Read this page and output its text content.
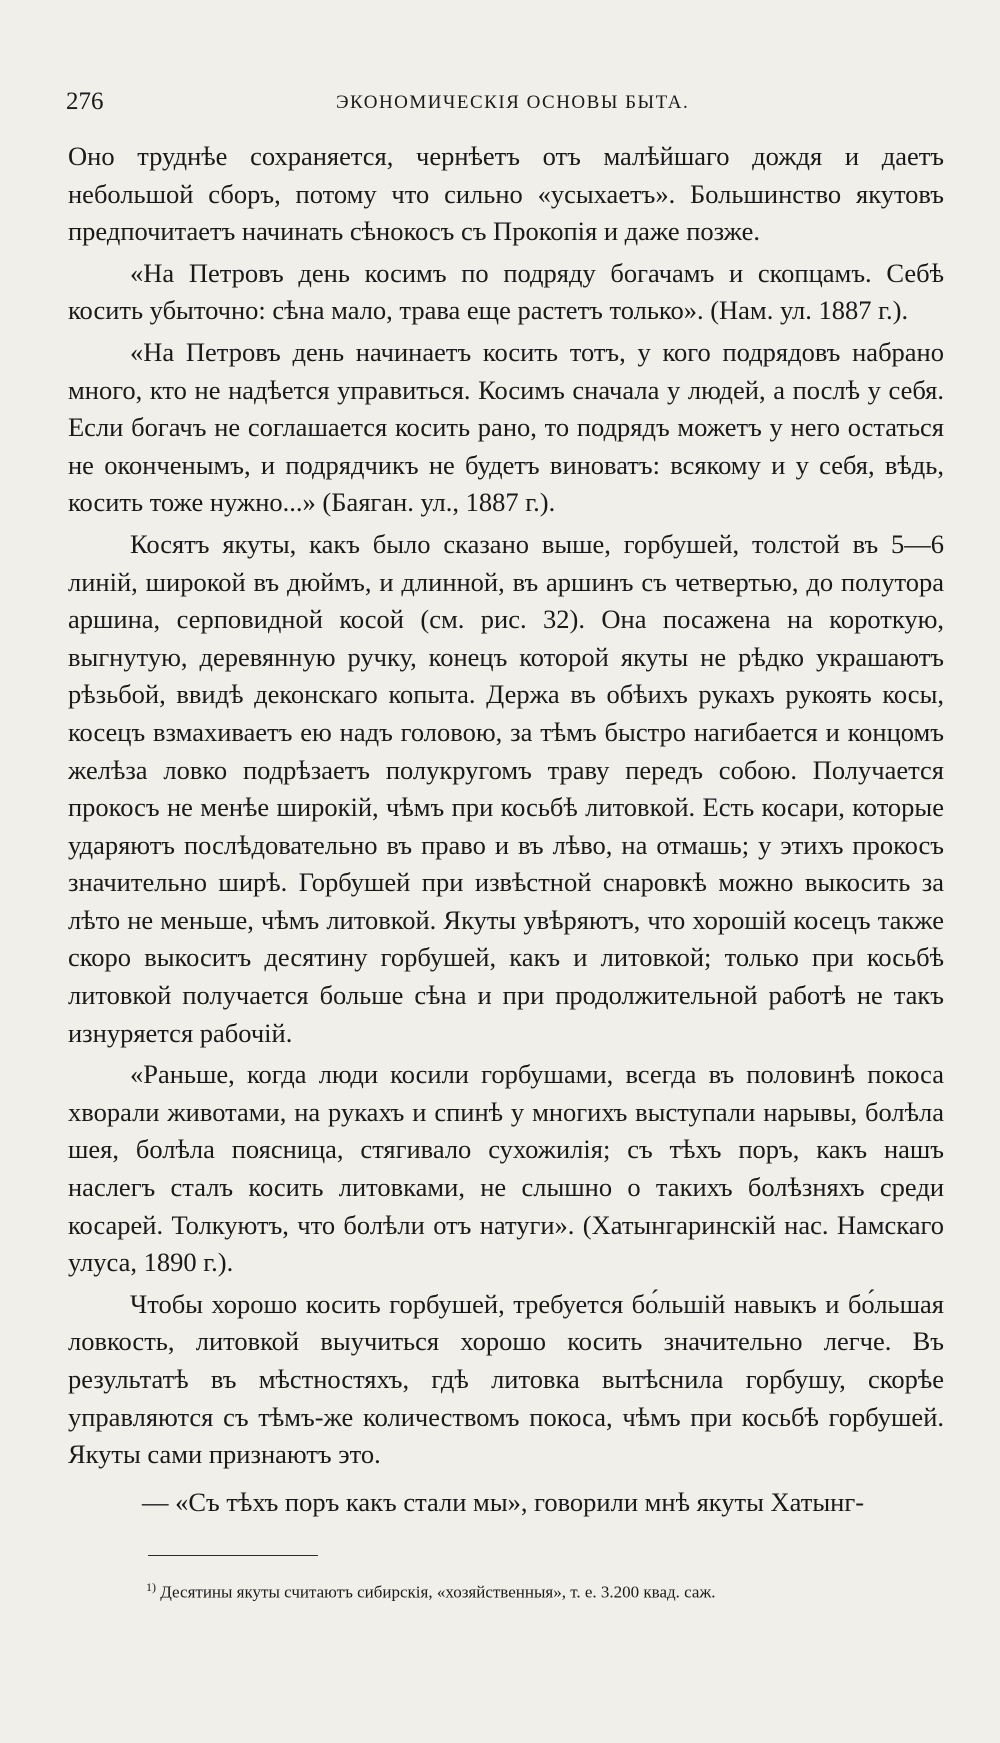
276	ЭКОНОМИЧЕСКІЯ ОСНОВЫ БЫТА.

Оно труднѣе сохраняется, чернѣетъ отъ малѣйшаго дождя и даетъ небольшой сборъ, потому что сильно «усыхаетъ». Большинство якутовъ предпочитаетъ начинать сѣнокосъ съ Прокопія и даже позже.

«На Петровъ день косимъ по подряду богачамъ и скопцамъ. Себѣ косить убыточно: сѣна мало, трава еще растетъ только». (Нам. ул. 1887 г.).

«На Петровъ день начинаетъ косить тотъ, у кого подрядовъ набрано много, кто не надѣется управиться. Косимъ сначала у людей, а послѣ у себя. Если богачъ не соглашается косить рано, то подрядъ можетъ у него остаться не оконченымъ, и подрядчикъ не будетъ виноватъ: всякому и у себя, вѣдь, косить тоже нужно...» (Баяган. ул., 1887 г.).

Косятъ якуты, какъ было сказано выше, горбушей, толстой въ 5—6 линій, широкой въ дюймъ, и длинной, въ аршинъ съ четвертью, до полутора аршина, серповидной косой (см. рис. 32). Она посажена на короткую, выгнутую, деревянную ручку, конецъ которой якуты не рѣдко украшаютъ рѣзьбой, ввидѣ деконскаго копыта. Держа въ обѣихъ рукахъ рукоять косы, косецъ взмахиваетъ ею надъ головою, за тѣмъ быстро нагибается и концомъ желѣза ловко подрѣзаетъ полукругомъ траву передъ собою. Получается прокосъ не менѣе широкій, чѣмъ при косьбѣ литовкой. Есть косари, которые ударяютъ послѣдовательно въ право и въ лѣво, на отмашь; у этихъ прокосъ значительно ширѣ. Горбушей при извѣстной снаровкѣ можно выкосить за лѣто не меньше, чѣмъ литовкой. Якуты увѣряютъ, что хорошій косецъ также скоро выкоситъ десятину горбушей, какъ и литовкой; только при косьбѣ литовкой получается больше сѣна и при продолжительной работѣ не такъ изнуряется рабочій.

«Раньше, когда люди косили горбушами, всегда въ половинѣ покоса хворали животами, на рукахъ и спинѣ у многихъ выступали нарывы, болѣла шея, болѣла поясница, стягивало сухожилія; съ тѣхъ поръ, какъ нашъ наслегъ сталъ косить литовками, не слышно о такихъ болѣзняхъ среди косарей. Толкуютъ, что болѣли отъ натуги». (Хатынгаринскій нас. Намскаго улуса, 1890 г.).

Чтобы хорошо косить горбушей, требуется бо́льшій навыкъ и бо́льшая ловкость, литовкой выучиться хорошо косить значительно легче. Въ результатѣ въ мѣстностяхъ, гдѣ литовка вытѣснила горбушу, скорѣе управляются съ тѣмъ-же количествомъ покоса, чѣмъ при косьбѣ горбушей. Якуты сами признаютъ это.

— «Съ тѣхъ поръ какъ стали мы», говорили мнѣ якуты Хатынг-

$^{1)}$ Десятины якуты считаютъ сибирскія, «хозяйственныя», т. е. 3.200 квад. саж.
